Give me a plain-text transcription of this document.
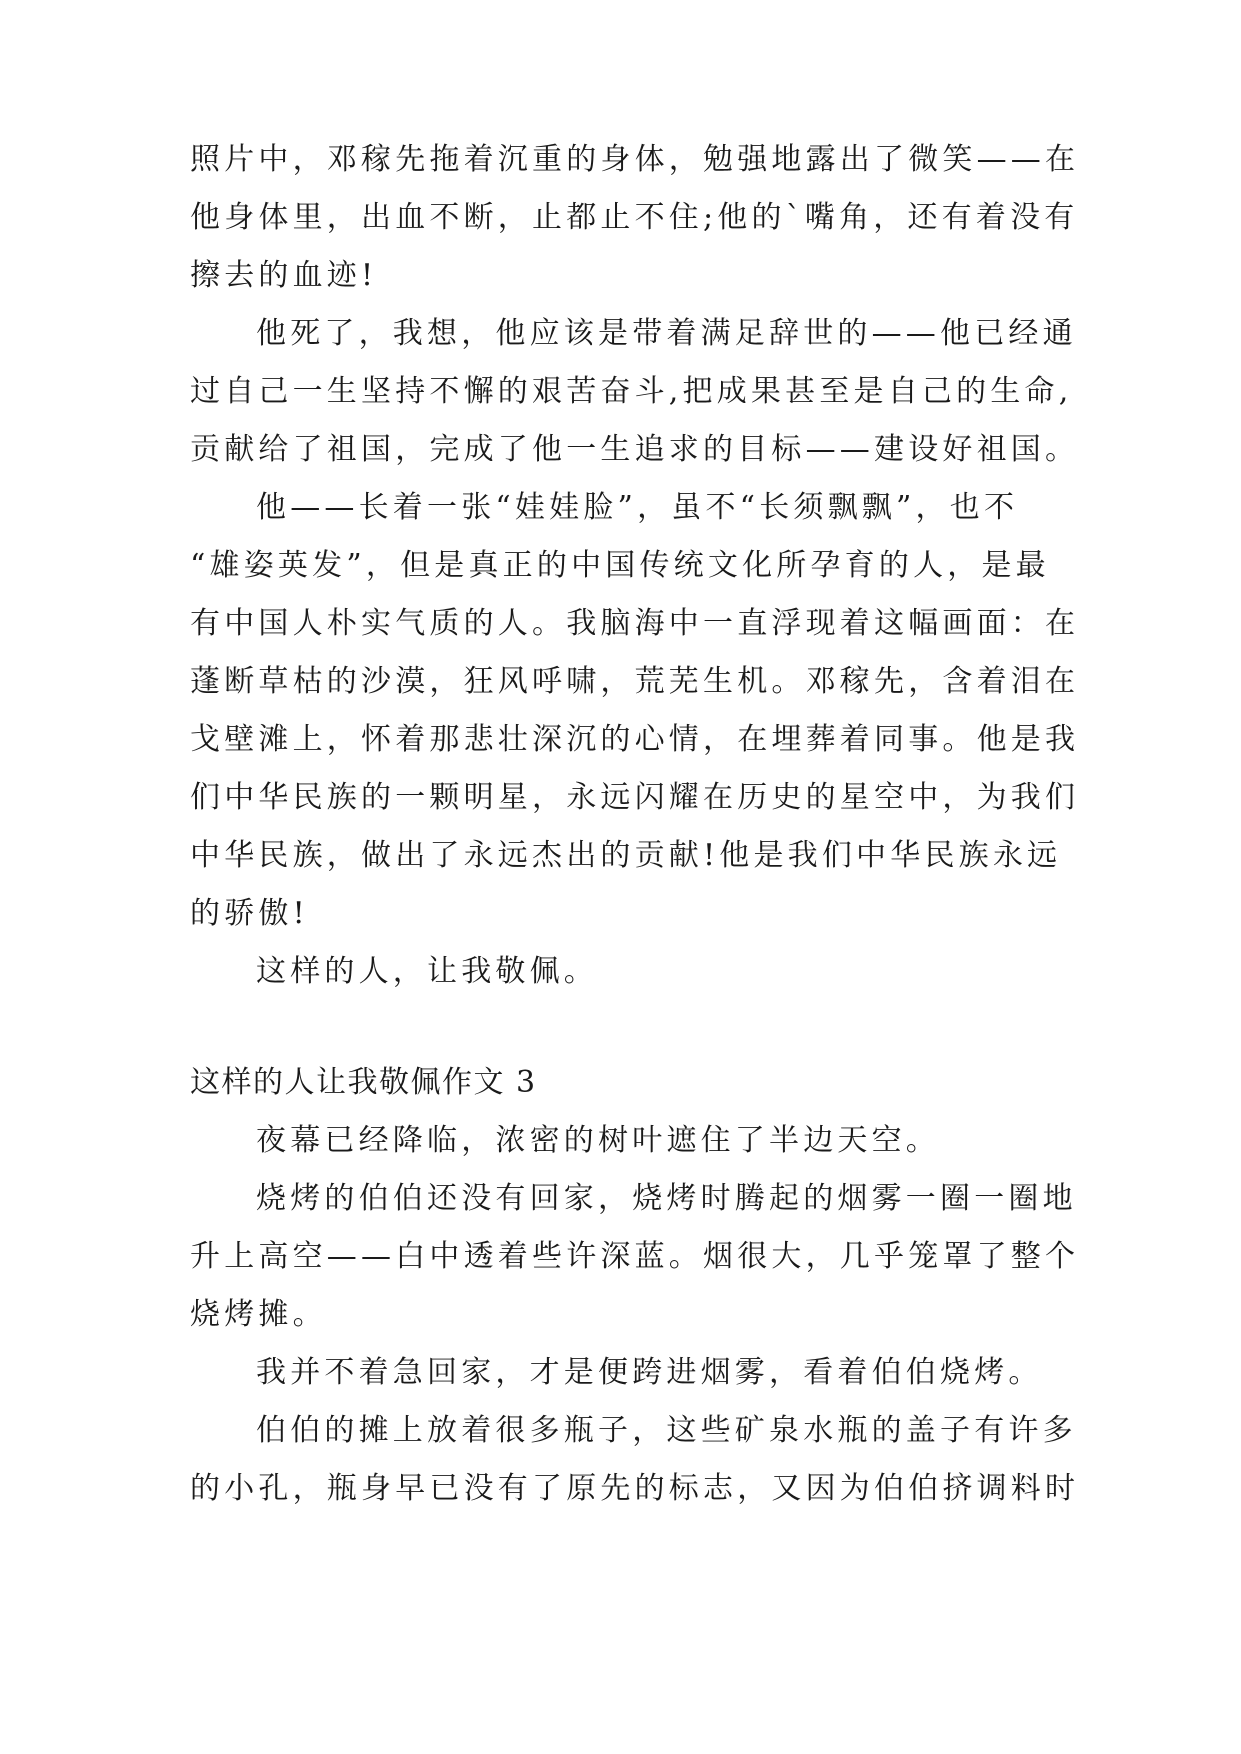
照片中，邓稼先拖着沉重的身体，勉强地露出了微笑——在
他身体里，出血不断，止都止不住;他的`嘴角，还有着没有
擦去的血迹!
他死了，我想，他应该是带着满足辞世的——他已经通
过自己一生坚持不懈的艰苦奋斗,把成果甚至是自己的生命,
贡献给了祖国，完成了他一生追求的目标——建设好祖国。
他——长着一张“娃娃脸”，虽不“长须飘飘”，也不
“雄姿英发”，但是真正的中国传统文化所孕育的人，是最
有中国人朴实气质的人。我脑海中一直浮现着这幅画面：在
蓬断草枯的沙漠，狂风呼啸，荒芜生机。邓稼先，含着泪在
戈壁滩上，怀着那悲壮深沉的心情，在埋葬着同事。他是我
们中华民族的一颗明星，永远闪耀在历史的星空中，为我们
中华民族，做出了永远杰出的贡献!他是我们中华民族永远
的骄傲!
这样的人，让我敬佩。
这样的人让我敬佩作文 3
夜幕已经降临，浓密的树叶遮住了半边天空。
烧烤的伯伯还没有回家，烧烤时腾起的烟雾一圈一圈地
升上高空——白中透着些许深蓝。烟很大，几乎笼罩了整个
烧烤摊。
我并不着急回家，才是便跨进烟雾，看着伯伯烧烤。
伯伯的摊上放着很多瓶子，这些矿泉水瓶的盖子有许多
的小孔，瓶身早已没有了原先的标志，又因为伯伯挤调料时
